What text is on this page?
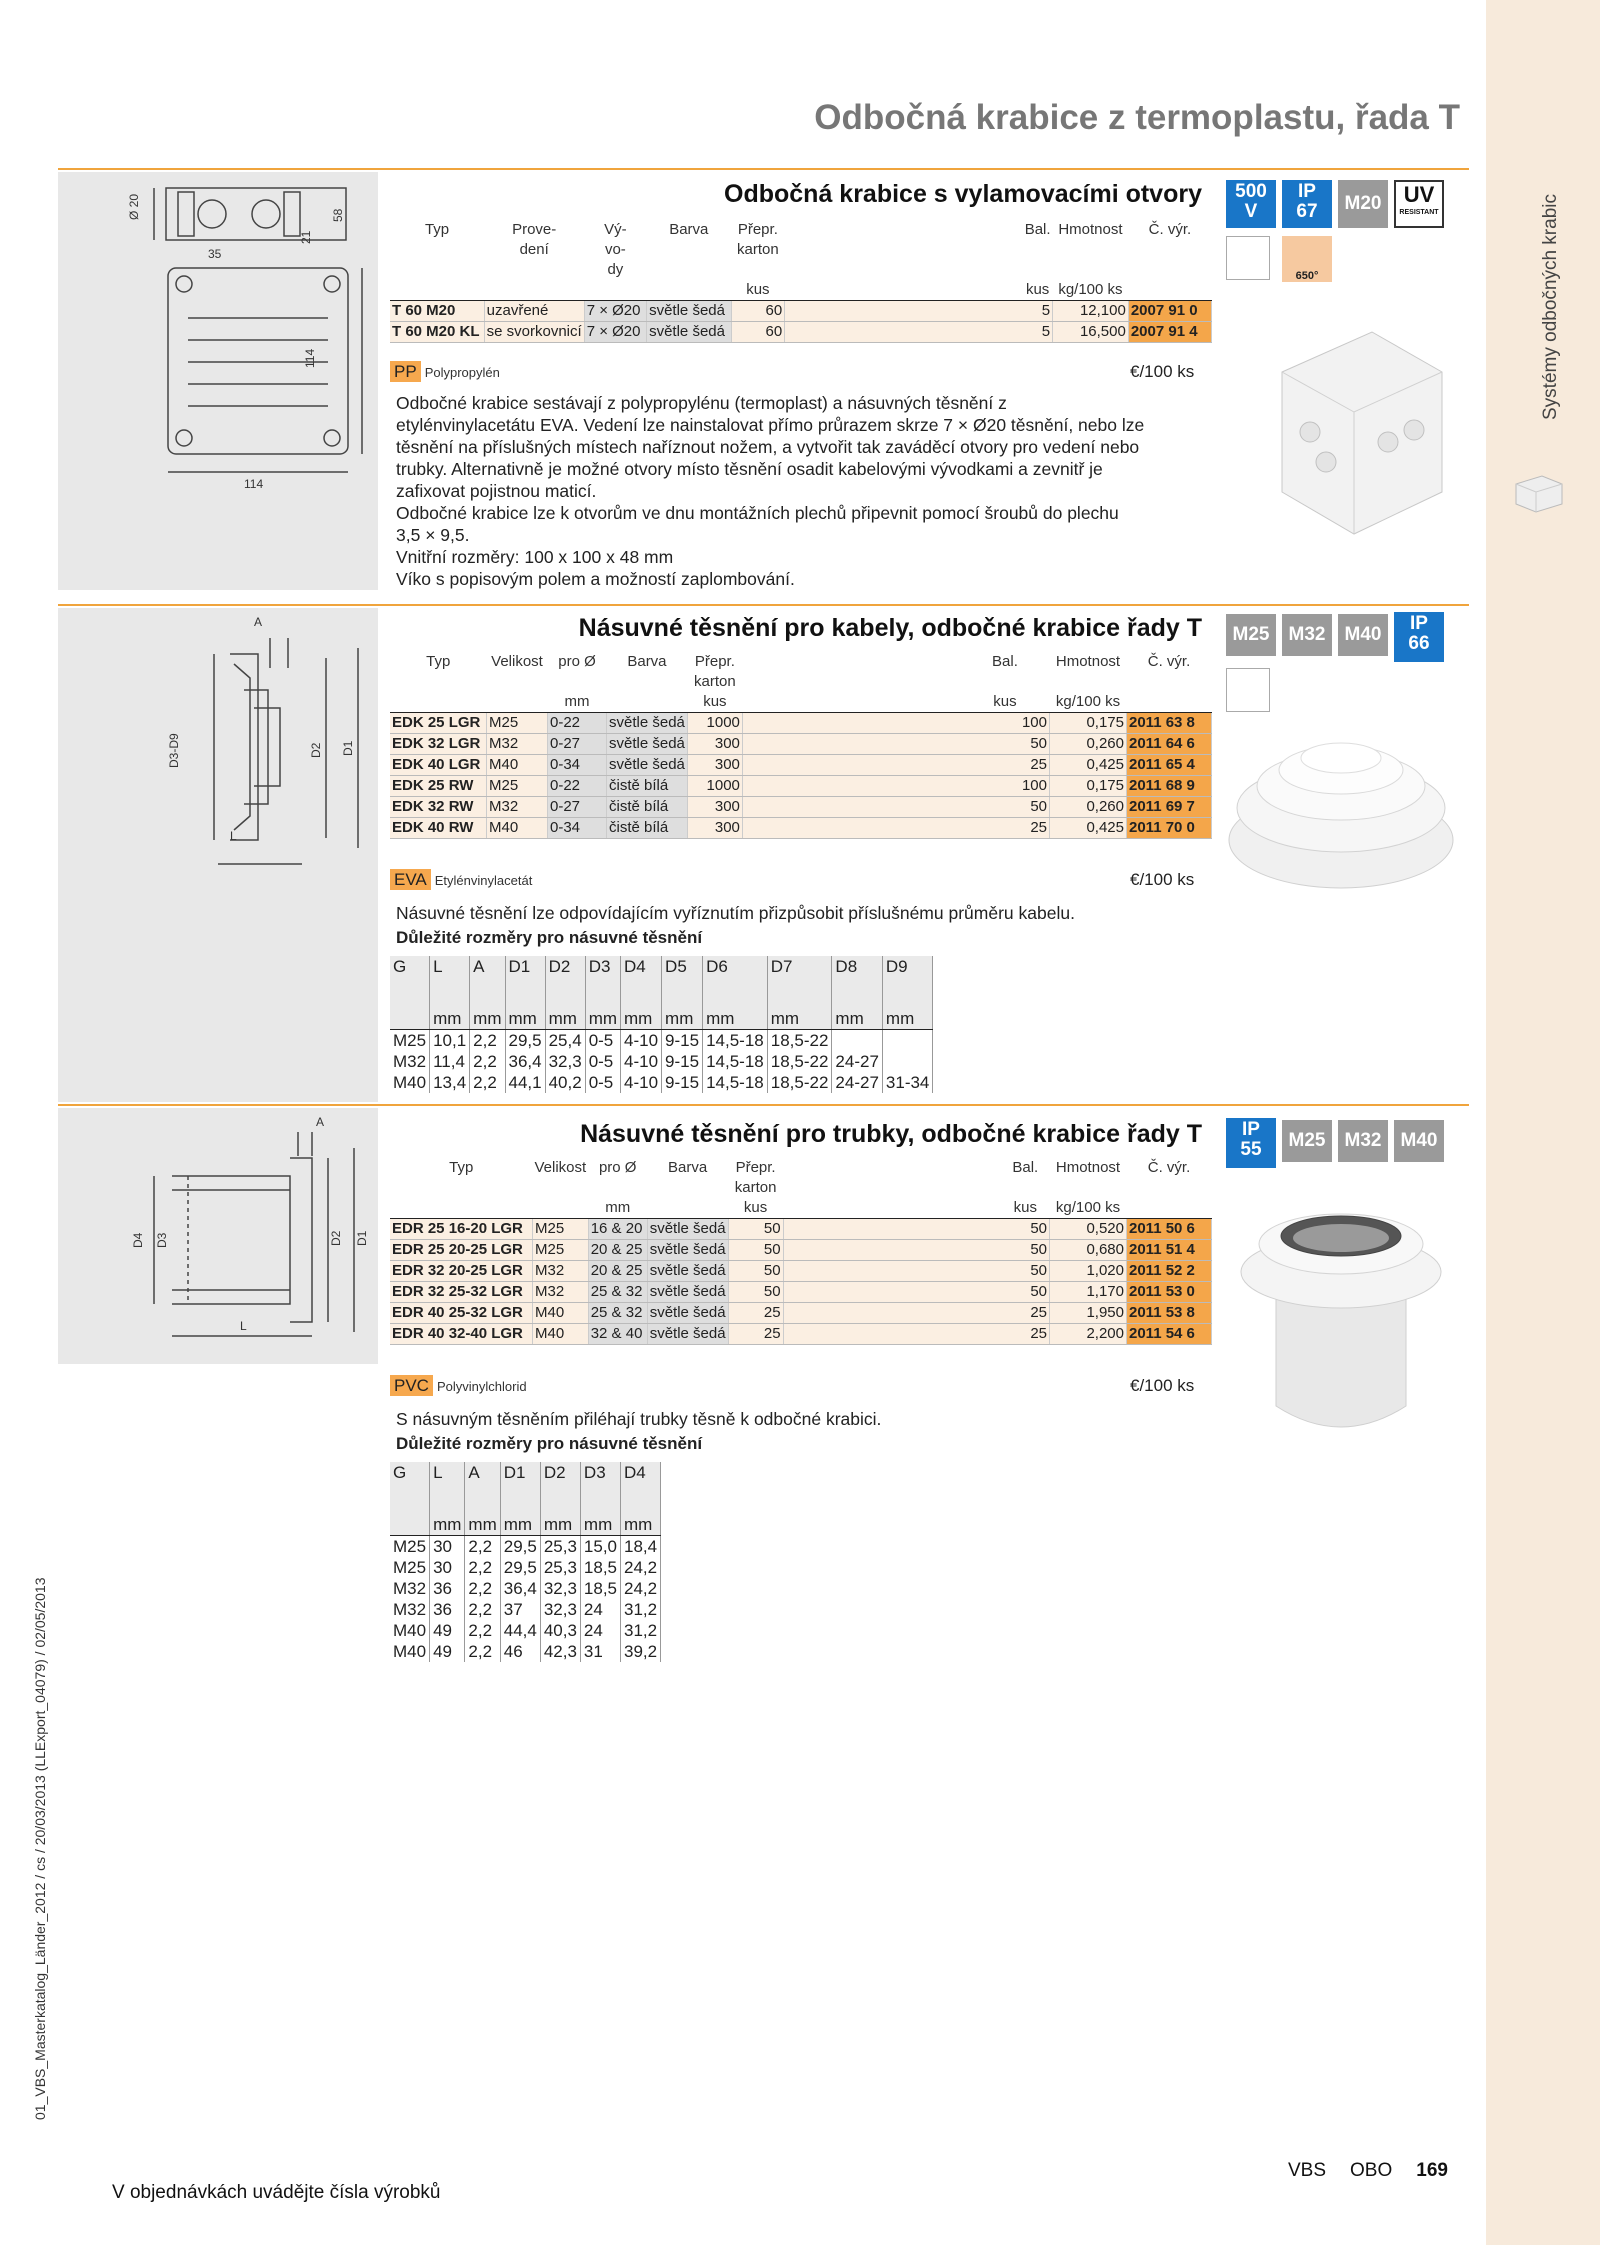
Systémy odbočných krabic
01_VBS_Masterkatalog_Länder_2012 / cs / 20/03/2013 (LLExport_04079) / 02/05/2013
Odbočná krabice z termoplastu, řada T
Ø 20
35
21
58
114
114
Odbočná krabice s vylamovacími otvory
Typ	Prove-
dení	Vý-
vo-
dy	Barva	Přepr.
karton	Bal.	Hmotnost	Č. výr.
				kus	kus	kg/100 ks	
T 60 M20	uzavřené	7 × Ø20	světle šedá	60	5	12,100	2007 91 0
T 60 M20 KL	se svorkovnicí	7 × Ø20	světle šedá	60	5	16,500	2007 91 4
PP Polypropylén	€/100 ks
Odbočné krabice sestávají z polypropylénu (termoplast) a násuvných těsnění z
etylénvinylacetátu EVA. Vedení lze nainstalovat přímo průrazem skrze 7 × Ø20 těsnění, nebo lze
těsnění na příslušných místech naříznout nožem, a vytvořit tak zaváděcí otvory pro vedení nebo
trubky. Alternativně je možné otvory místo těsnění osadit kabelovými vývodkami a zevnitř je
zafixovat pojistnou maticí.
Odbočné krabice lze k otvorům ve dnu montážních plechů připevnit pomocí šroubů do plechu
3,5 × 9,5.
Vnitřní rozměry: 100 x 100 x 48 mm
Víko s popisovým polem a možností zaplombování.
500
V
IP
67	M20	UV
RESISTANT
650°
A
D3-D9	D2 D1
L
Násuvné těsnění pro kabely, odbočné krabice řady T
Typ	Velikost	pro Ø	Barva	Přepr.
karton	Bal.	Hmotnost	Č. výr.
		mm		kus	kus	kg/100 ks	
EDK 25 LGR	M25	0-22	světle šedá	1000	100	0,175	2011 63 8
EDK 32 LGR	M32	0-27	světle šedá	300	50	0,260	2011 64 6
EDK 40 LGR	M40	0-34	světle šedá	300	25	0,425	2011 65 4
EDK 25 RW	M25	0-22	čistě bílá	1000	100	0,175	2011 68 9
EDK 32 RW	M32	0-27	čistě bílá	300	50	0,260	2011 69 7
EDK 40 RW	M40	0-34	čistě bílá	300	25	0,425	2011 70 0
EVA Etylénvinylacetát	€/100 ks
Násuvné těsnění lze odpovídajícím vyříznutím přizpůsobit příslušnému průměru kabelu.
Důležité rozměry pro násuvné těsnění
G	L	A	D1	D2	D3	D4	D5	D6	D7	D8	D9
	mm	mm	mm	mm	mm	mm	mm	mm	mm	mm	mm
M25	10,1	2,2	29,5	25,4	0-5	4-10	9-15	14,5-18	18,5-22		
M32	11,4	2,2	36,4	32,3	0-5	4-10	9-15	14,5-18	18,5-22	24-27	
M40	13,4	2,2	44,1	40,2	0-5	4-10	9-15	14,5-18	18,5-22	24-27	31-34
M25	M32	M40
IP
66
A
D4 D3	D2 D1
L
Násuvné těsnění pro trubky, odbočné krabice řady T
Typ	Velikost	pro Ø	Barva	Přepr.
karton	Bal.	Hmotnost	Č. výr.
		mm		kus	kus	kg/100 ks	
EDR 25 16-20 LGR	M25	16 & 20	světle šedá	50	50	0,520	2011 50 6
EDR 25 20-25 LGR	M25	20 & 25	světle šedá	50	50	0,680	2011 51 4
EDR 32 20-25 LGR	M32	20 & 25	světle šedá	50	50	1,020	2011 52 2
EDR 32 25-32 LGR	M32	25 & 32	světle šedá	50	50	1,170	2011 53 0
EDR 40 25-32 LGR	M40	25 & 32	světle šedá	25	25	1,950	2011 53 8
EDR 40 32-40 LGR	M40	32 & 40	světle šedá	25	25	2,200	2011 54 6
PVC Polyvinylchlorid	€/100 ks
S násuvným těsněním přiléhají trubky těsně k odbočné krabici.
Důležité rozměry pro násuvné těsnění
G	L	A	D1	D2	D3	D4
	mm	mm	mm	mm	mm	mm
M25	30	2,2	29,5	25,3	15,0	18,4
M25	30	2,2	29,5	25,3	18,5	24,2
M32	36	2,2	36,4	32,3	18,5	24,2
M32	36	2,2	37	32,3	24	31,2
M40	49	2,2	44,4	40,3	24	31,2
M40	49	2,2	46	42,3	31	39,2
IP
55	M25	M32	M40
V objednávkách uvádějte čísla výrobků
VBS OBO 169
